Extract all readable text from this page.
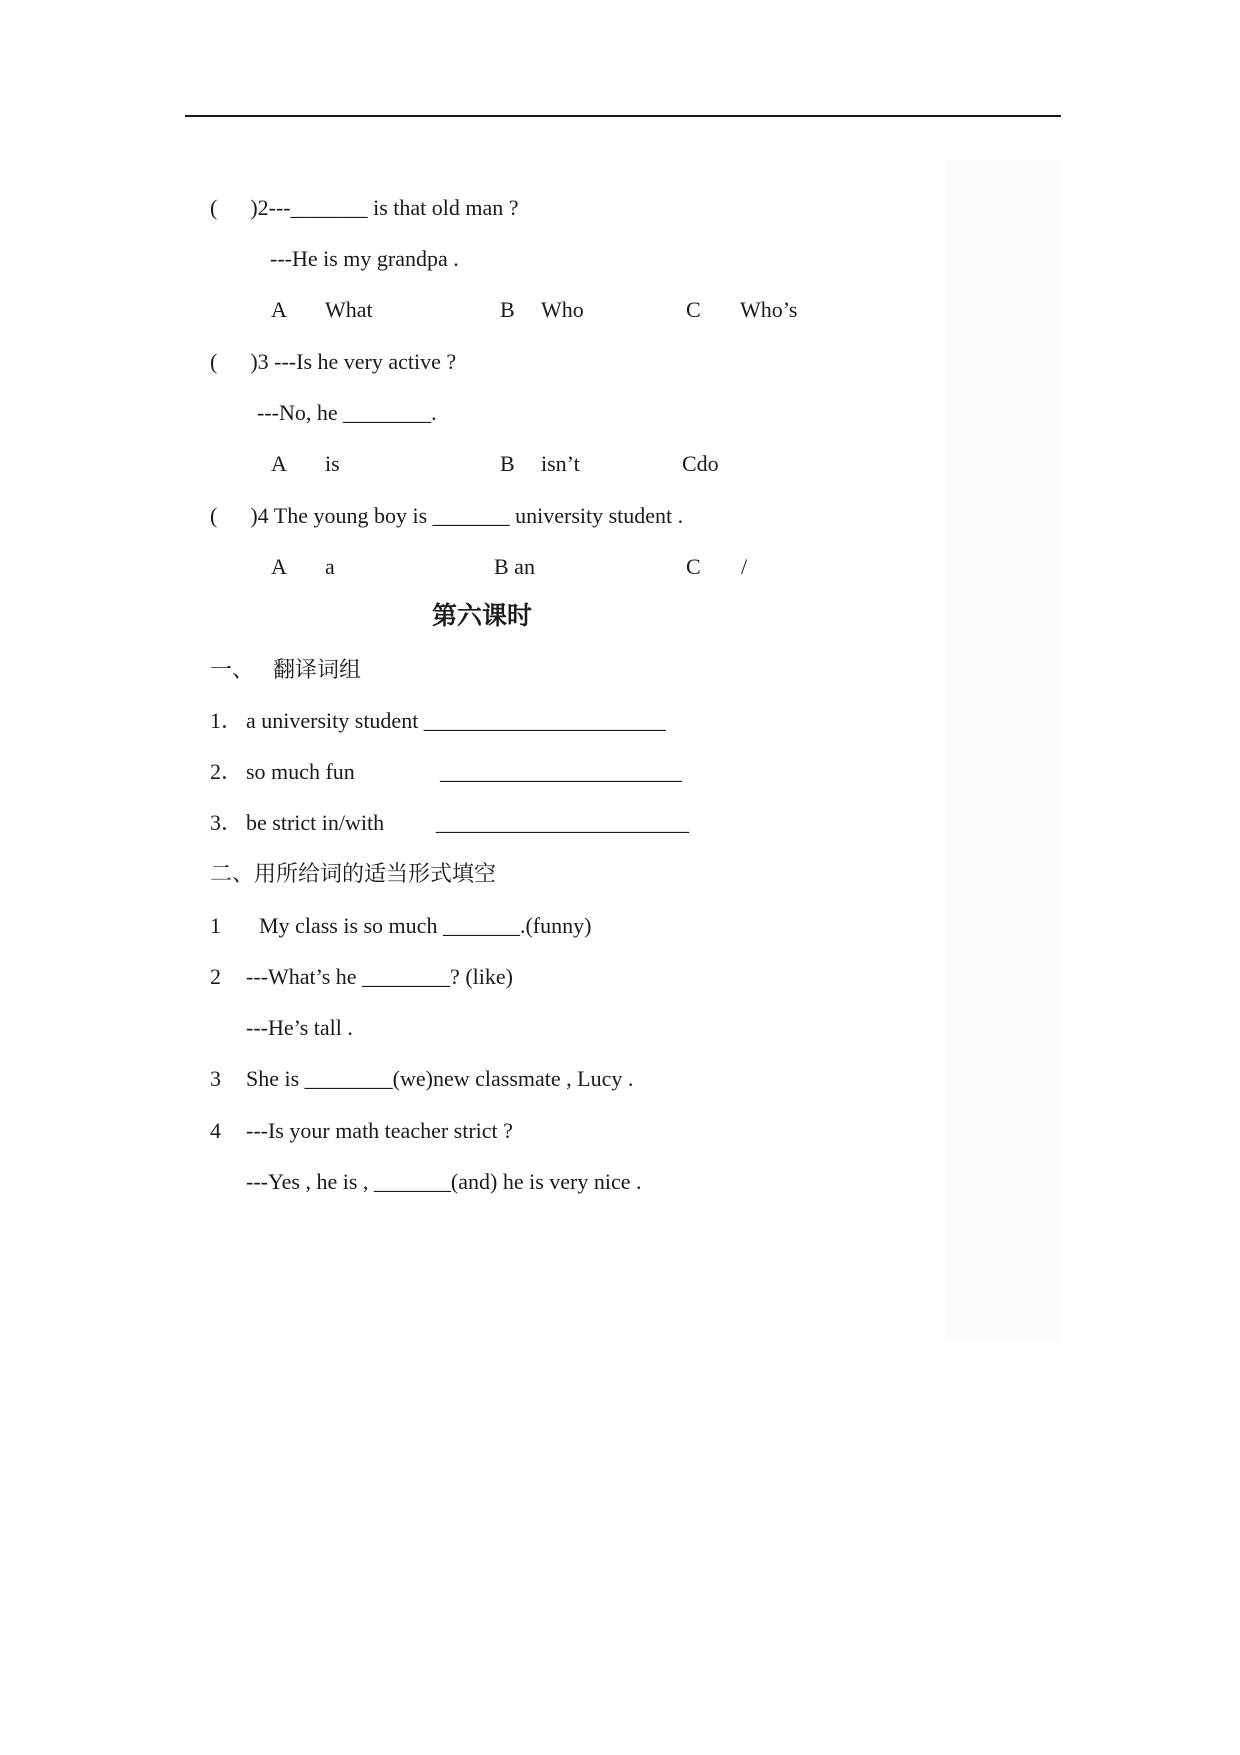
(      )2---_______ is that old man ?
---He is my grandpa .
A What	B Who	C Who’s
(      )3 ---Is he very active ?
---No, he ________.
A is	B isn’t	Cdo
(      )4 The young boy is _______ university student .
A a	B an	C /
第六课时
一、 翻译词组
1． a university student ______________________
2． so much fun	______________________
3． be strict in/with _______________________
二、用所给词的适当形式填空
1 My class is so much _______.(funny)
2 ---What’s he ________? (like)
---He’s tall .
3 She is ________(we)new classmate , Lucy .
4 ---Is your math teacher strict ?
---Yes , he is , _______(and) he is very nice .
